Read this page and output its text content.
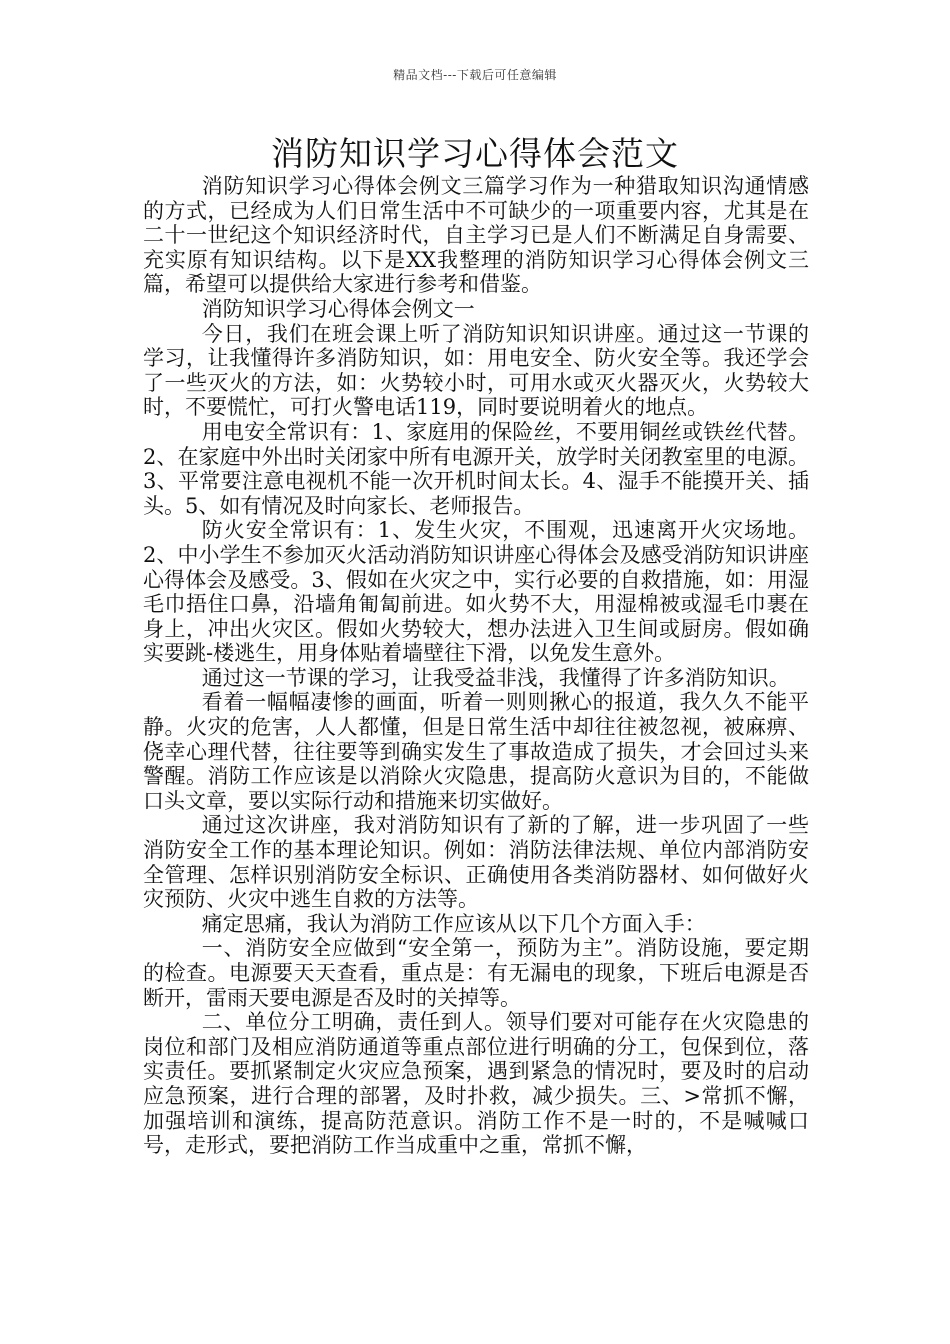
精品文档---下载后可任意编辑
消防知识学习心得体会范文

消防知识学习心得体会例文三篇学习作为一种猎取知识沟通情感的方式，已经成为人们日常生活中不可缺少的一项重要内容，尤其是在二十一世纪这个知识经济时代，自主学习已是人们不断满足自身需要、充实原有知识结构。以下是XX我整理的消防知识学习心得体会例文三篇，希望可以提供给大家进行参考和借鉴。

消防知识学习心得体会例文一

今日，我们在班会课上听了消防知识知识讲座。通过这一节课的学习，让我懂得许多消防知识，如：用电安全、防火安全等。我还学会了一些灭火的方法，如：火势较小时，可用水或灭火器灭火，火势较大时，不要慌忙，可打火警电话119，同时要说明着火的地点。

用电安全常识有：1、家庭用的保险丝，不要用铜丝或铁丝代替。2、在家庭中外出时关闭家中所有电源开关，放学时关闭教室里的电源。3、平常要注意电视机不能一次开机时间太长。4、湿手不能摸开关、插头。5、如有情况及时向家长、老师报告。

防火安全常识有：1、发生火灾，不围观，迅速离开火灾场地。2、中小学生不参加灭火活动消防知识讲座心得体会及感受消防知识讲座心得体会及感受。3、假如在火灾之中，实行必要的自救措施，如：用湿毛巾捂住口鼻，沿墙角匍匐前进。如火势不大，用湿棉被或湿毛巾裹在身上，冲出火灾区。假如火势较大，想办法进入卫生间或厨房。假如确实要跳-楼逃生，用身体贴着墙壁往下滑，以免发生意外。

通过这一节课的学习，让我受益非浅，我懂得了许多消防知识。

看着一幅幅凄惨的画面，听着一则则揪心的报道，我久久不能平静。火灾的危害，人人都懂，但是日常生活中却往往被忽视，被麻痹、侥幸心理代替，往往要等到确实发生了事故造成了损失，才会回过头来警醒。消防工作应该是以消除火灾隐患，提高防火意识为目的，不能做口头文章，要以实际行动和措施来切实做好。

通过这次讲座，我对消防知识有了新的了解，进一步巩固了一些消防安全工作的基本理论知识。例如：消防法律法规、单位内部消防安全管理、怎样识别消防安全标识、正确使用各类消防器材、如何做好火灾预防、火灾中逃生自救的方法等。

痛定思痛，我认为消防工作应该从以下几个方面入手：

一、消防安全应做到“安全第一，预防为主”。消防设施，要定期的检查。电源要天天查看，重点是：有无漏电的现象，下班后电源是否断开，雷雨天要电源是否及时的关掉等。

二、单位分工明确，责任到人。领导们要对可能存在火灾隐患的岗位和部门及相应消防通道等重点部位进行明确的分工，包保到位，落实责任。要抓紧制定火灾应急预案，遇到紧急的情况时，要及时的启动应急预案，进行合理的部署，及时扑救，减少损失。三、>常抓不懈，加强培训和演练，提高防范意识。消防工作不是一时的，不是喊喊口号，走形式，要把消防工作当成重中之重，常抓不懈，
